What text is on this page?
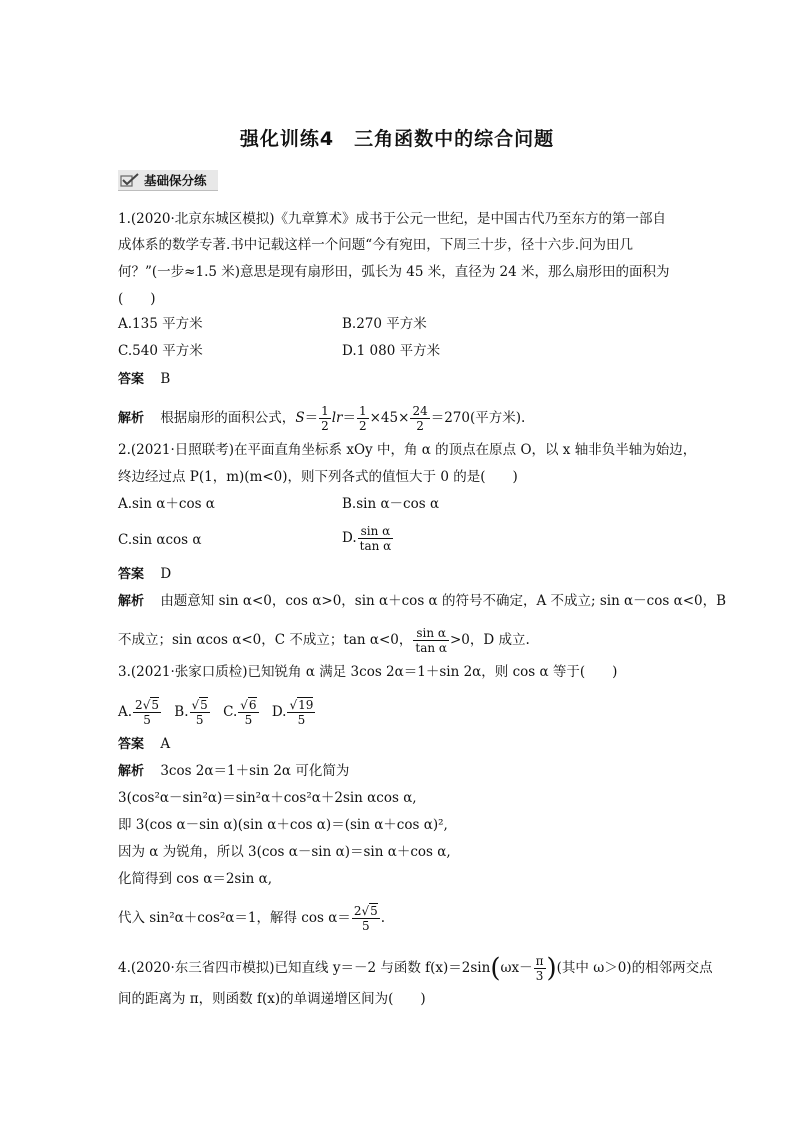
强化训练4　三角函数中的综合问题
基础保分练
1.(2020·北京东城区模拟)《九章算术》成书于公元一世纪，是中国古代乃至东方的第一部自
成体系的数学专著.书中记载这样一个问题“今有宛田，下周三十步，径十六步.问为田几
何？”(一步≈1.5 米)意思是现有扇形田，弧长为 45 米，直径为 24 米，那么扇形田的面积为
(　　)
A.135 平方米	B.270 平方米
C.540 平方米	D.1 080 平方米
答案 B
解析 根据扇形的面积公式，$S= \frac{1}{2} lr= \frac{1}{2} \times 45\times \frac{24}{2} =270$(平方米).
2.(2021·日照联考)在平面直角坐标系 xOy 中，角 α 的顶点在原点 O，以 x 轴非负半轴为始边，
终边经过点 P(1，m)(m<0)，则下列各式的值恒大于 0 的是(　　)
A.sin α＋cos α	B.sin α－cos α
C.sin αcos α	D. $\frac{\text{sin α}}{\text{tan α}}$
答案 D
解析 由题意知 sin α<0，cos α>0，sin α＋cos α 的符号不确定，A 不成立; sin α－cos α<0，B
不成立；sin αcos α<0，C 不成立；tan α<0， $\frac{\text{sin α}}{\text{tan α}} >0$，D 成立.
3.(2021·张家口质检)已知锐角 α 满足 3cos 2α＝1＋sin 2α，则 cos α 等于(　　)
A. $\frac{2√5}{5} B$. $\frac{√5}{5} C$. $\frac{√6}{5} D$. $\frac{√19}{5}$
答案 A
解析 3cos 2α＝1＋sin 2α 可化简为
3(cos²α－sin²α)＝sin²α＋cos²α＋2sin αcos α,
即 3(cos α－sin α)(sin α＋cos α)＝(sin α＋cos α)²,
因为 α 为锐角，所以 3(cos α－sin α)＝sin α＋cos α,
化简得到 cos α＝2sin α,
代入 sin²α＋cos²α＝1，解得 $\cos \alpha= \frac{2√5}{5}$ .
4.(2020·东三省四市模拟)已知直线 y＝－2 与函数 $f(x)=2\sin(\omega x- \frac{\pi}{3}$ )(其中 ω＞0)的相邻两交点
间的距离为 π，则函数 f(x)的单调递增区间为(　　)
